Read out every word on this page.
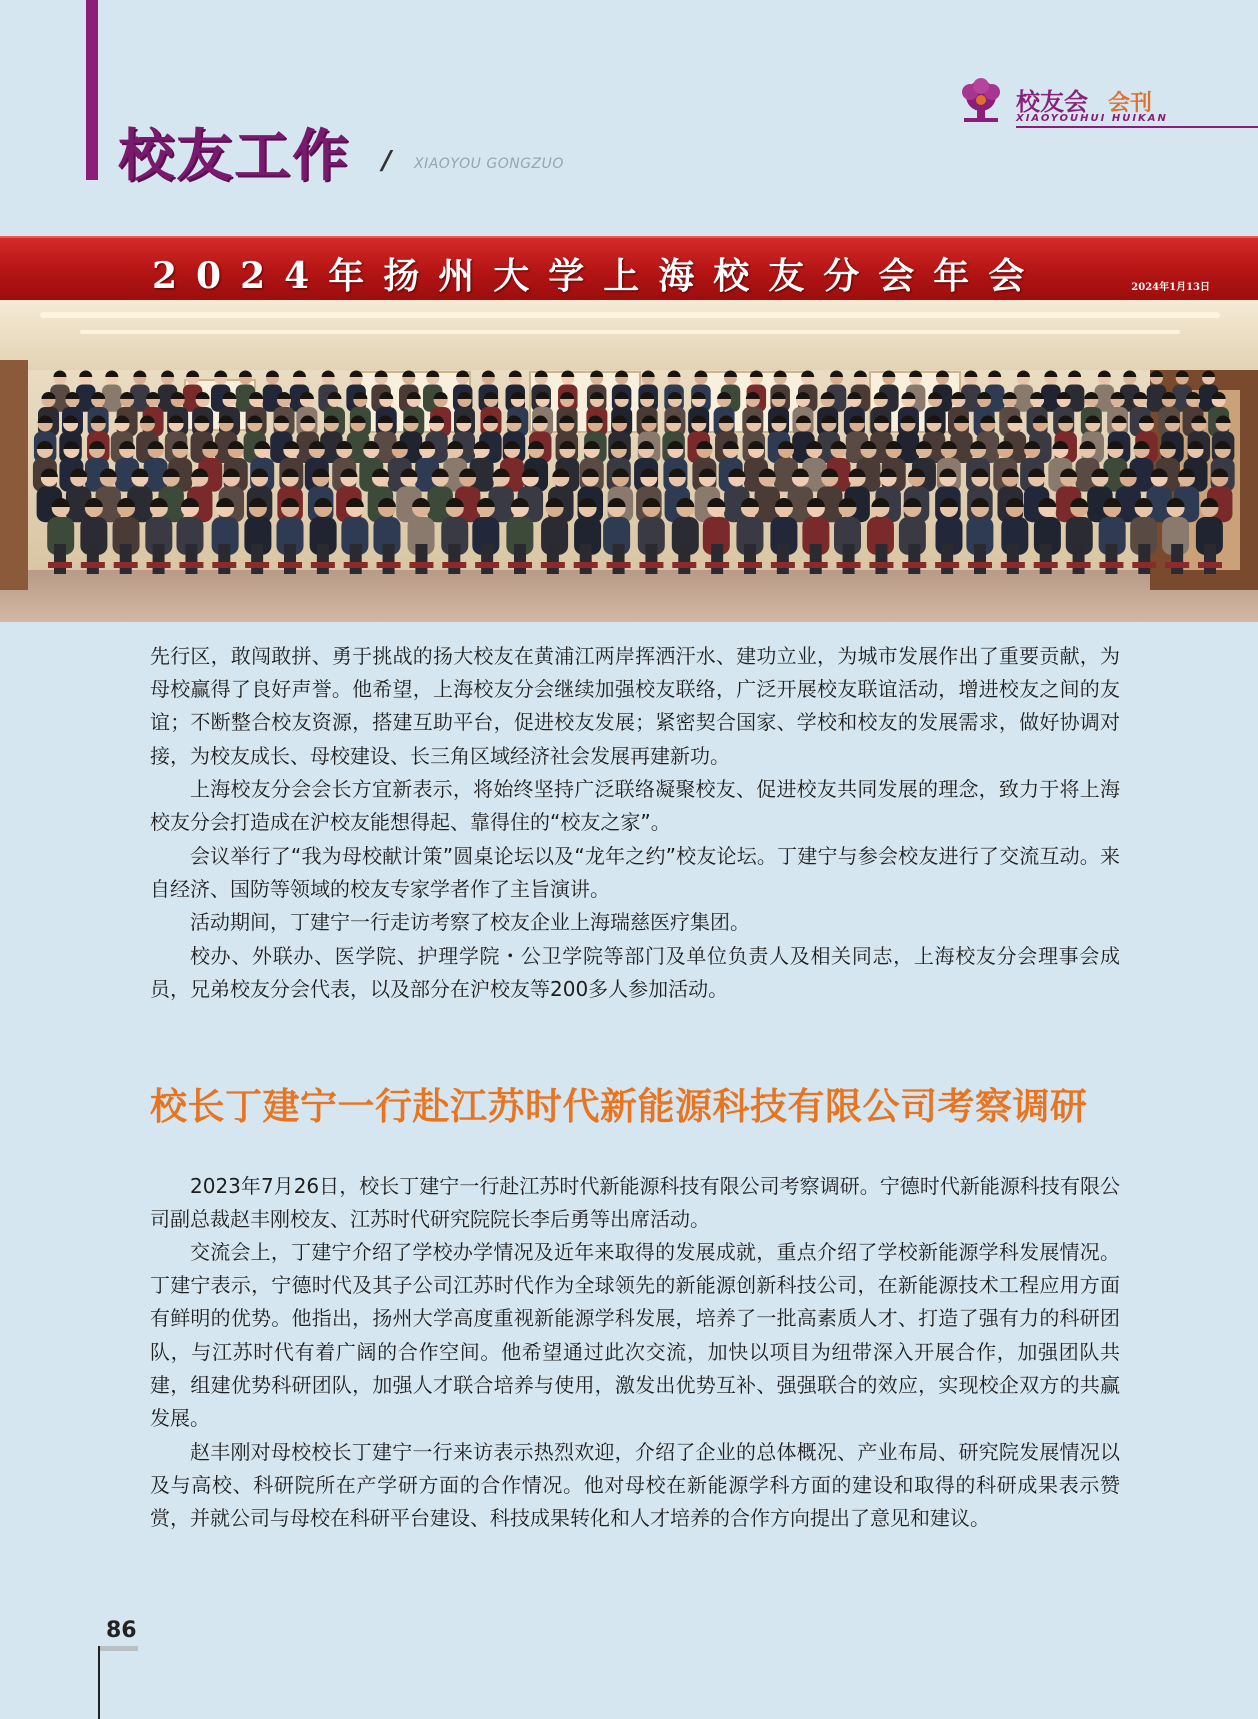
校友工作 / XIAOYOU GONGZUO
校友会 会刊
XIAOYOUHUI HUIKAN
2024年扬州大学上海校友分会年会	2024年1月13日
先行区，敢闯敢拼、勇于挑战的扬大校友在黄浦江两岸挥洒汗水、建功立业，为城市发展作出了重要贡献，为母校赢得了良好声誉。他希望，上海校友分会继续加强校友联络，广泛开展校友联谊活动，增进校友之间的友谊；不断整合校友资源，搭建互助平台，促进校友发展；紧密契合国家、学校和校友的发展需求，做好协调对接，为校友成长、母校建设、长三角区域经济社会发展再建新功。
上海校友分会会长方宜新表示，将始终坚持广泛联络凝聚校友、促进校友共同发展的理念，致力于将上海校友分会打造成在沪校友能想得起、靠得住的“校友之家”。
会议举行了“我为母校献计策”圆桌论坛以及“龙年之约”校友论坛。丁建宁与参会校友进行了交流互动。来自经济、国防等领域的校友专家学者作了主旨演讲。
活动期间，丁建宁一行走访考察了校友企业上海瑞慈医疗集团。
校办、外联办、医学院、护理学院・公卫学院等部门及单位负责人及相关同志，上海校友分会理事会成员，兄弟校友分会代表，以及部分在沪校友等200多人参加活动。
校长丁建宁一行赴江苏时代新能源科技有限公司考察调研
2023年7月26日，校长丁建宁一行赴江苏时代新能源科技有限公司考察调研。宁德时代新能源科技有限公司副总裁赵丰刚校友、江苏时代研究院院长李后勇等出席活动。
交流会上，丁建宁介绍了学校办学情况及近年来取得的发展成就，重点介绍了学校新能源学科发展情况。丁建宁表示，宁德时代及其子公司江苏时代作为全球领先的新能源创新科技公司，在新能源技术工程应用方面有鲜明的优势。他指出，扬州大学高度重视新能源学科发展，培养了一批高素质人才、打造了强有力的科研团队，与江苏时代有着广阔的合作空间。他希望通过此次交流，加快以项目为纽带深入开展合作，加强团队共建，组建优势科研团队，加强人才联合培养与使用，激发出优势互补、强强联合的效应，实现校企双方的共赢发展。
赵丰刚对母校校长丁建宁一行来访表示热烈欢迎，介绍了企业的总体概况、产业布局、研究院发展情况以及与高校、科研院所在产学研方面的合作情况。他对母校在新能源学科方面的建设和取得的科研成果表示赞赏，并就公司与母校在科研平台建设、科技成果转化和人才培养的合作方向提出了意见和建议。
86
